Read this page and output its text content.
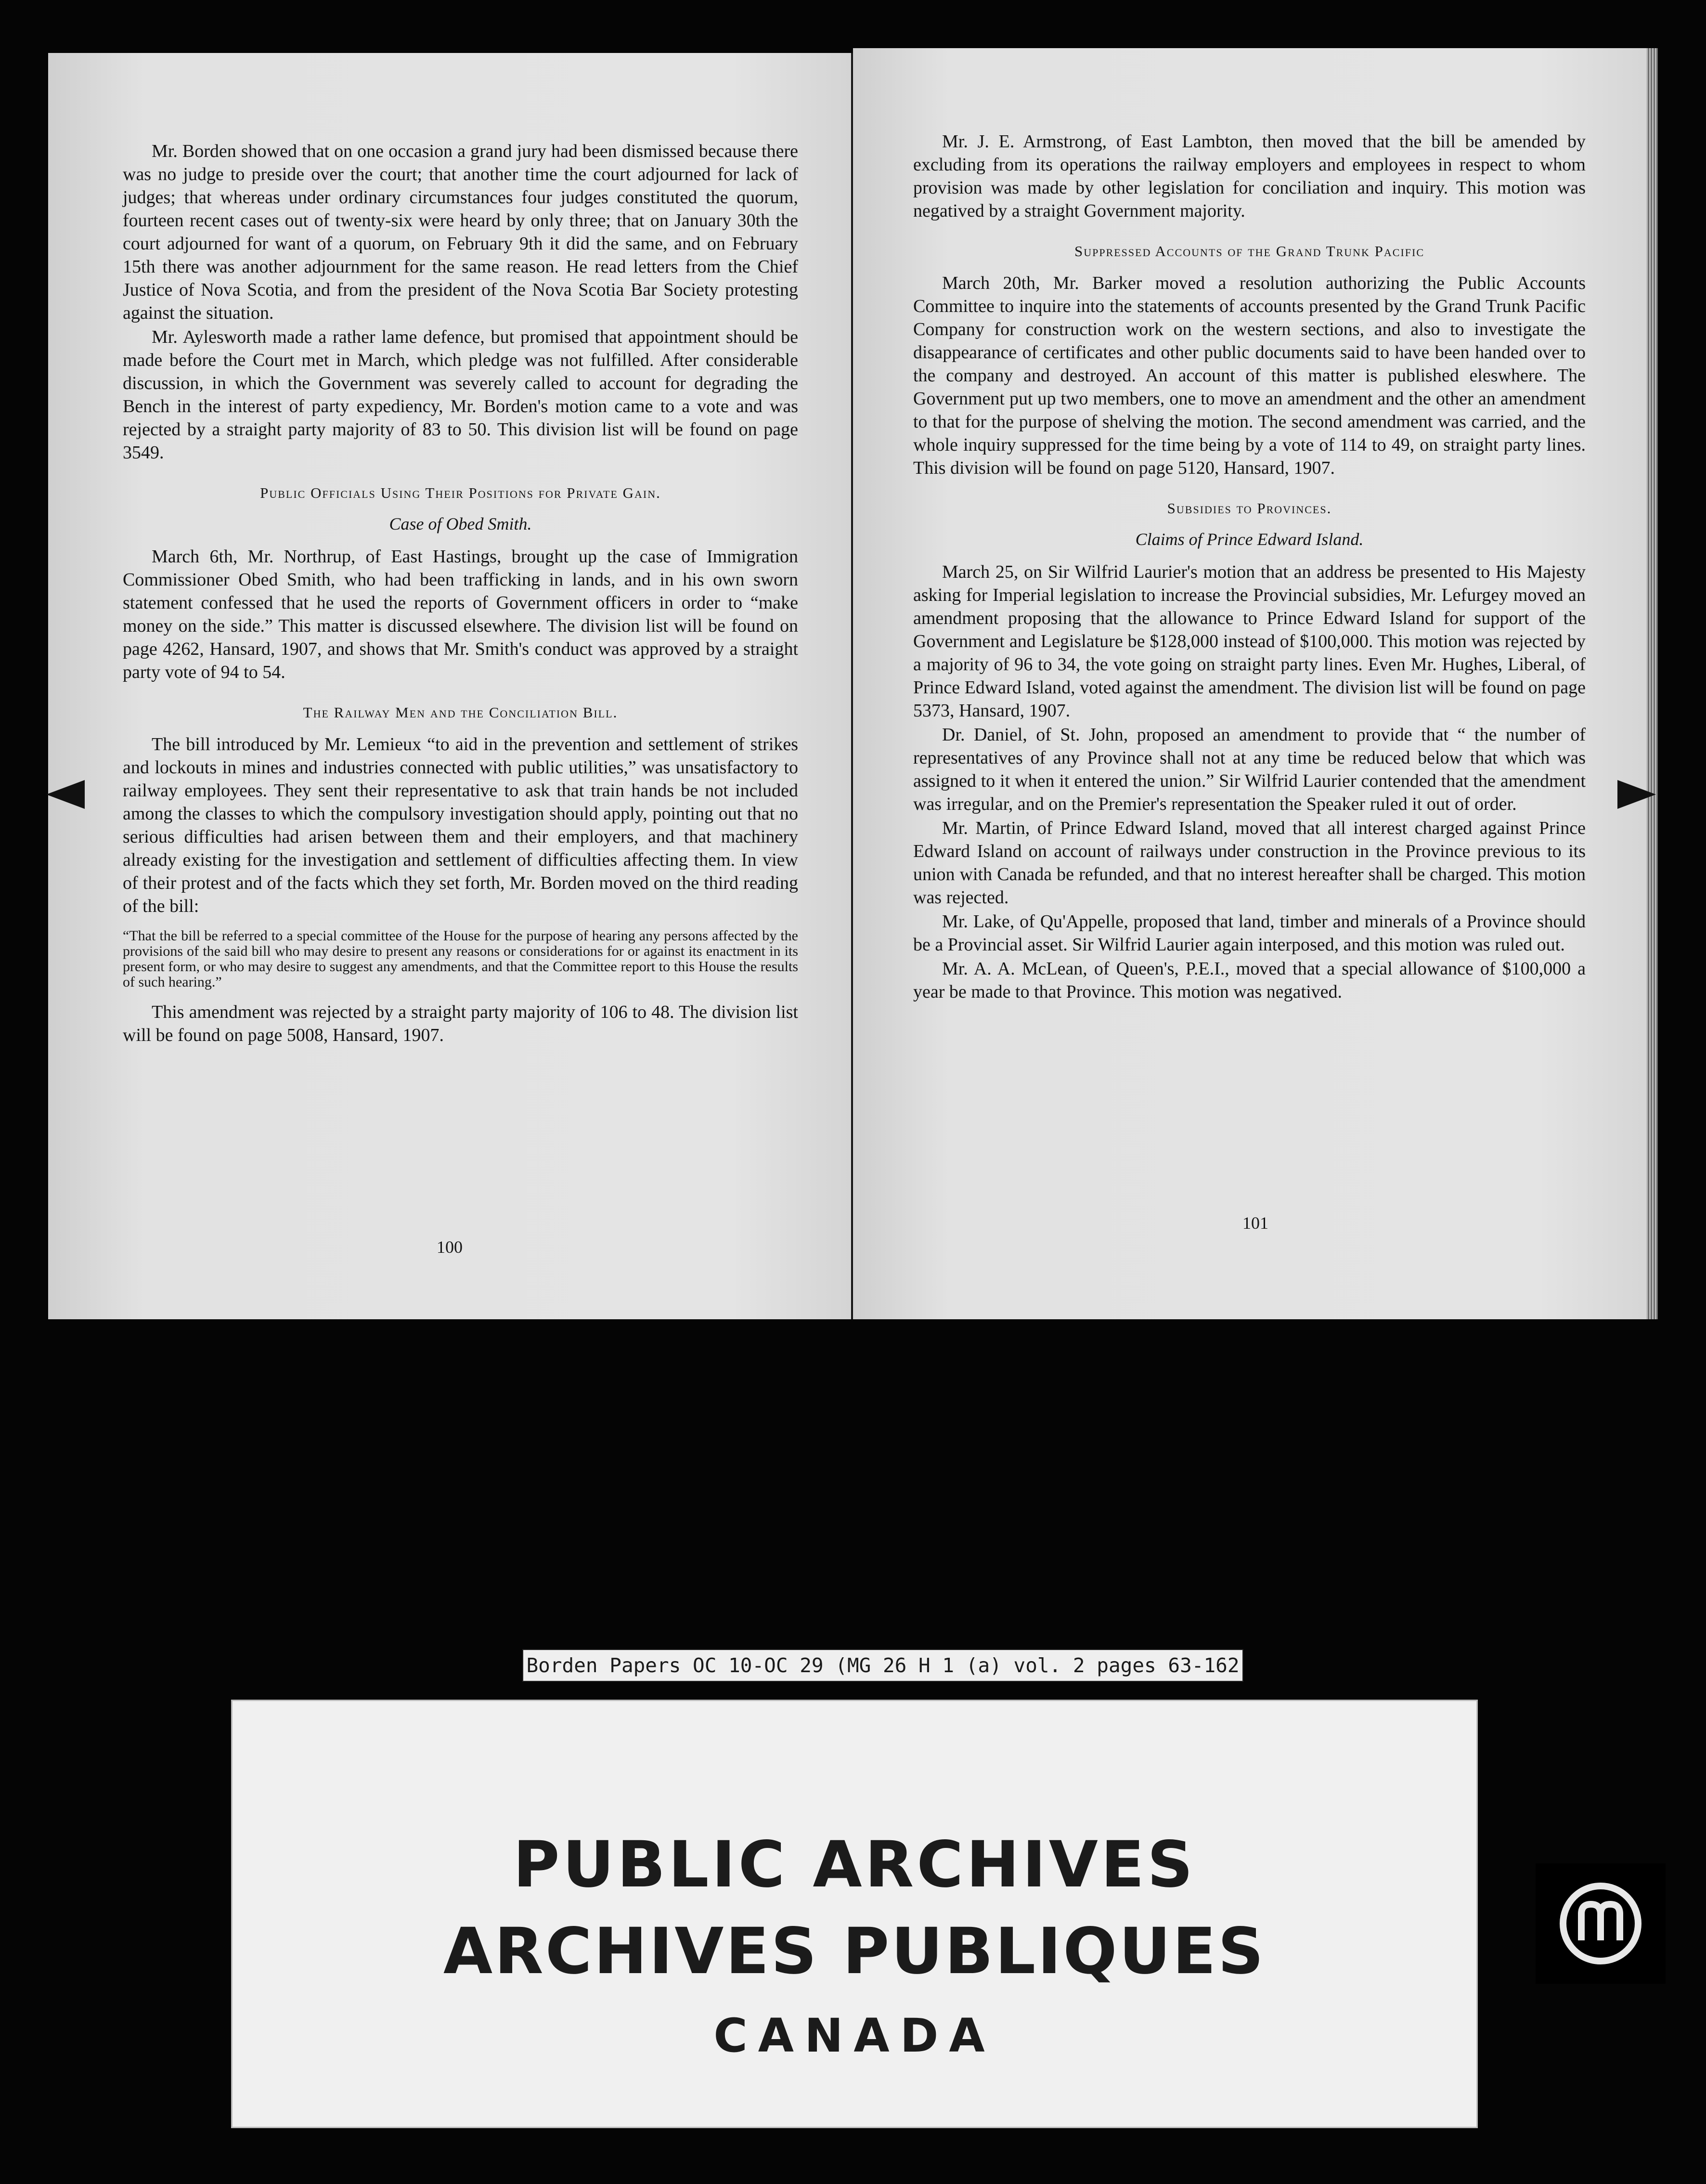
Mr. Borden showed that on one occasion a grand jury had been dismissed because there was no judge to preside over the court; that another time the court adjourned for lack of judges; that whereas under ordinary circumstances four judges constituted the quorum, fourteen recent cases out of twenty-six were heard by only three; that on January 30th the court adjourned for want of a quorum, on February 9th it did the same, and on February 15th there was another adjournment for the same reason. He read letters from the Chief Justice of Nova Scotia, and from the president of the Nova Scotia Bar Society protesting against the situation.

Mr. Aylesworth made a rather lame defence, but promised that appointment should be made before the Court met in March, which pledge was not fulfilled. After considerable discussion, in which the Government was severely called to account for degrading the Bench in the interest of party expediency, Mr. Borden's motion came to a vote and was rejected by a straight party majority of 83 to 50. This division list will be found on page 3549.

Public Officials Using Their Positions for Private Gain.
Case of Obed Smith.

March 6th, Mr. Northrup, of East Hastings, brought up the case of Immigration Commissioner Obed Smith, who had been trafficking in lands, and in his own sworn statement confessed that he used the reports of Government officers in order to “make money on the side.” This matter is discussed elsewhere. The division list will be found on page 4262, Hansard, 1907, and shows that Mr. Smith's conduct was approved by a straight party vote of 94 to 54.

The Railway Men and the Conciliation Bill.

The bill introduced by Mr. Lemieux “to aid in the prevention and settlement of strikes and lockouts in mines and industries connected with public utilities,” was unsatisfactory to railway employees. They sent their representative to ask that train hands be not included among the classes to which the compulsory investigation should apply, pointing out that no serious difficulties had arisen between them and their employers, and that machinery already existing for the investigation and settlement of difficulties affecting them. In view of their protest and of the facts which they set forth, Mr. Borden moved on the third reading of the bill:

“That the bill be referred to a special committee of the House for the purpose of hearing any persons affected by the provisions of the said bill who may desire to present any reasons or considerations for or against its enactment in its present form, or who may desire to suggest any amendments, and that the Committee report to this House the results of such hearing.”

This amendment was rejected by a straight party majority of 106 to 48. The division list will be found on page 5008, Hansard, 1907.

100

Mr. J. E. Armstrong, of East Lambton, then moved that the bill be amended by excluding from its operations the railway employers and employees in respect to whom provision was made by other legislation for conciliation and inquiry. This motion was negatived by a straight Government majority.

Suppressed Accounts of the Grand Trunk Pacific

March 20th, Mr. Barker moved a resolution authorizing the Public Accounts Committee to inquire into the statements of accounts presented by the Grand Trunk Pacific Company for construction work on the western sections, and also to investigate the disappearance of certificates and other public documents said to have been handed over to the company and destroyed. An account of this matter is published eleswhere. The Government put up two members, one to move an amendment and the other an amendment to that for the purpose of shelving the motion. The second amendment was carried, and the whole inquiry suppressed for the time being by a vote of 114 to 49, on straight party lines. This division will be found on page 5120, Hansard, 1907.

Subsidies to Provinces.
Claims of Prince Edward Island.

March 25, on Sir Wilfrid Laurier's motion that an address be presented to His Majesty asking for Imperial legislation to increase the Provincial subsidies, Mr. Lefurgey moved an amendment proposing that the allowance to Prince Edward Island for support of the Government and Legislature be $128,000 instead of $100,000. This motion was rejected by a majority of 96 to 34, the vote going on straight party lines. Even Mr. Hughes, Liberal, of Prince Edward Island, voted against the amendment. The division list will be found on page 5373, Hansard, 1907.

Dr. Daniel, of St. John, proposed an amendment to provide that “ the number of representatives of any Province shall not at any time be reduced below that which was assigned to it when it entered the union.” Sir Wilfrid Laurier contended that the amendment was irregular, and on the Premier's representation the Speaker ruled it out of order.

Mr. Martin, of Prince Edward Island, moved that all interest charged against Prince Edward Island on account of railways under construction in the Province previous to its union with Canada be refunded, and that no interest hereafter shall be charged. This motion was rejected.

Mr. Lake, of Qu'Appelle, proposed that land, timber and minerals of a Province should be a Provincial asset. Sir Wilfrid Laurier again interposed, and this motion was ruled out.

Mr. A. A. McLean, of Queen's, P.E.I., moved that a special allowance of $100,000 a year be made to that Province. This motion was negatived.

101
Borden Papers OC 10-OC 29 (MG 26 H 1 (a) vol. 2 pages 63-162
PUBLIC ARCHIVES
ARCHIVES PUBLIQUES
CANADA
